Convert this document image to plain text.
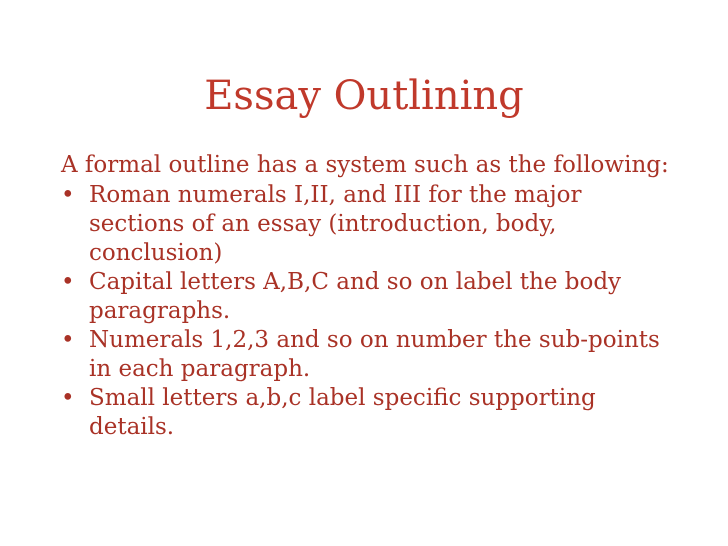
Essay Outlining

A formal outline has a system such as the following:

• Roman numerals I,II, and III for the major sections of an essay (introduction, body, conclusion)
• Capital letters A,B,C and so on label the body paragraphs.
• Numerals 1,2,3 and so on number the sub-points in each paragraph.
• Small letters a,b,c label specific supporting details.
